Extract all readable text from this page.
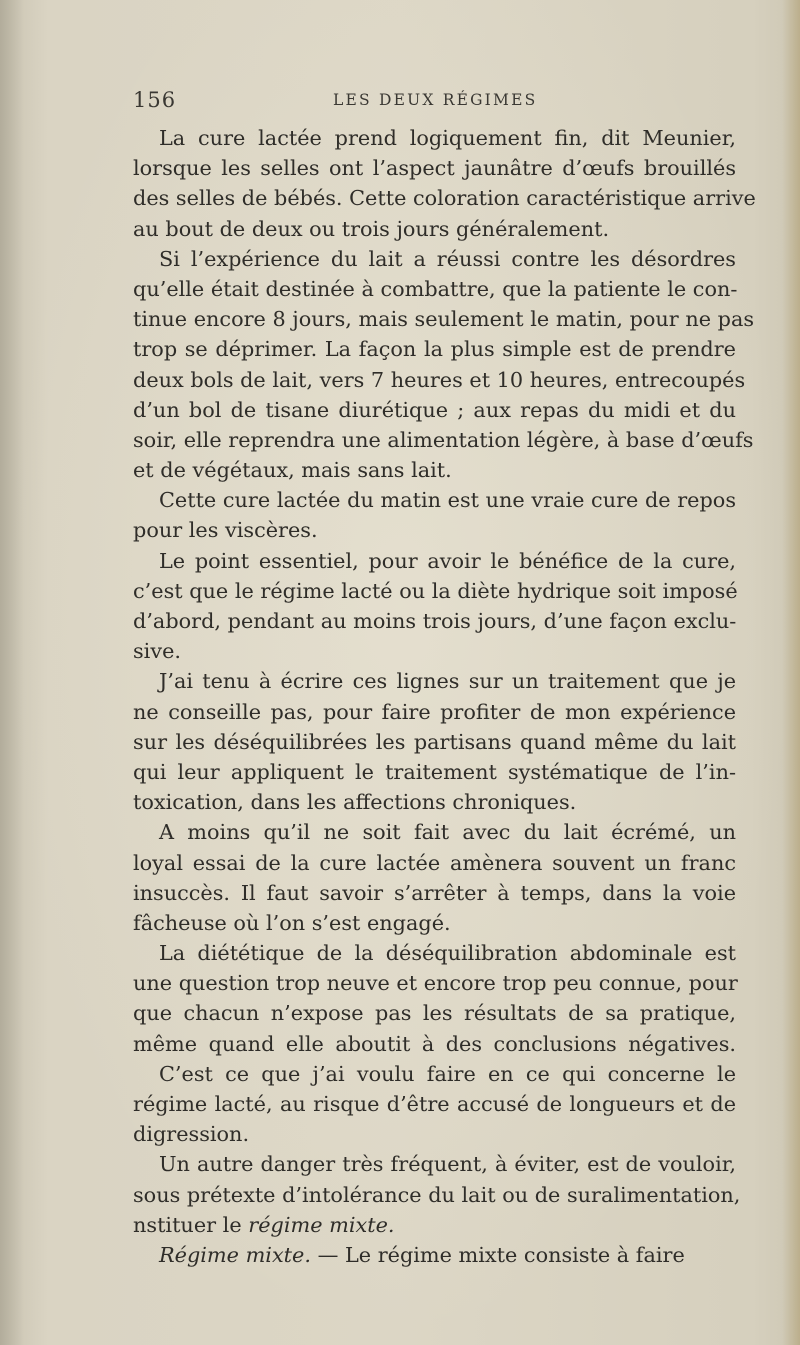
156	LES DEUX RÉGIMES
La cure lactée prend logiquement fin, dit Meunier,
lorsque les selles ont l’aspect jaunâtre d’œufs brouillés
des selles de bébés. Cette coloration caractéristique arrive
au bout de deux ou trois jours généralement.
Si l’expérience du lait a réussi contre les désordres
qu’elle était destinée à combattre, que la patiente le con-
tinue encore 8 jours, mais seulement le matin, pour ne pas
trop se déprimer. La façon la plus simple est de prendre
deux bols de lait, vers 7 heures et 10 heures, entrecoupés
d’un bol de tisane diurétique ; aux repas du midi et du
soir, elle reprendra une alimentation légère, à base d’œufs
et de végétaux, mais sans lait.
Cette cure lactée du matin est une vraie cure de repos
pour les viscères.
Le point essentiel, pour avoir le bénéfice de la cure,
c’est que le régime lacté ou la diète hydrique soit imposé
d’abord, pendant au moins trois jours, d’une façon exclu-
sive.
J’ai tenu à écrire ces lignes sur un traitement que je
ne conseille pas, pour faire profiter de mon expérience
sur les déséquilibrées les partisans quand même du lait
qui leur appliquent le traitement systématique de l’in-
toxication, dans les affections chroniques.
A moins qu’il ne soit fait avec du lait écrémé, un
loyal essai de la cure lactée amènera souvent un franc
insuccès. Il faut savoir s’arrêter à temps, dans la voie
fâcheuse où l’on s’est engagé.
La diététique de la déséquilibration abdominale est
une question trop neuve et encore trop peu connue, pour
que chacun n’expose pas les résultats de sa pratique,
même quand elle aboutit à des conclusions négatives.
C’est ce que j’ai voulu faire en ce qui concerne le
régime lacté, au risque d’être accusé de longueurs et de
digression.
Un autre danger très fréquent, à éviter, est de vouloir,
sous prétexte d’intolérance du lait ou de suralimentation,
nstituer le régime mixte.
Régime mixte. — Le régime mixte consiste à faire
